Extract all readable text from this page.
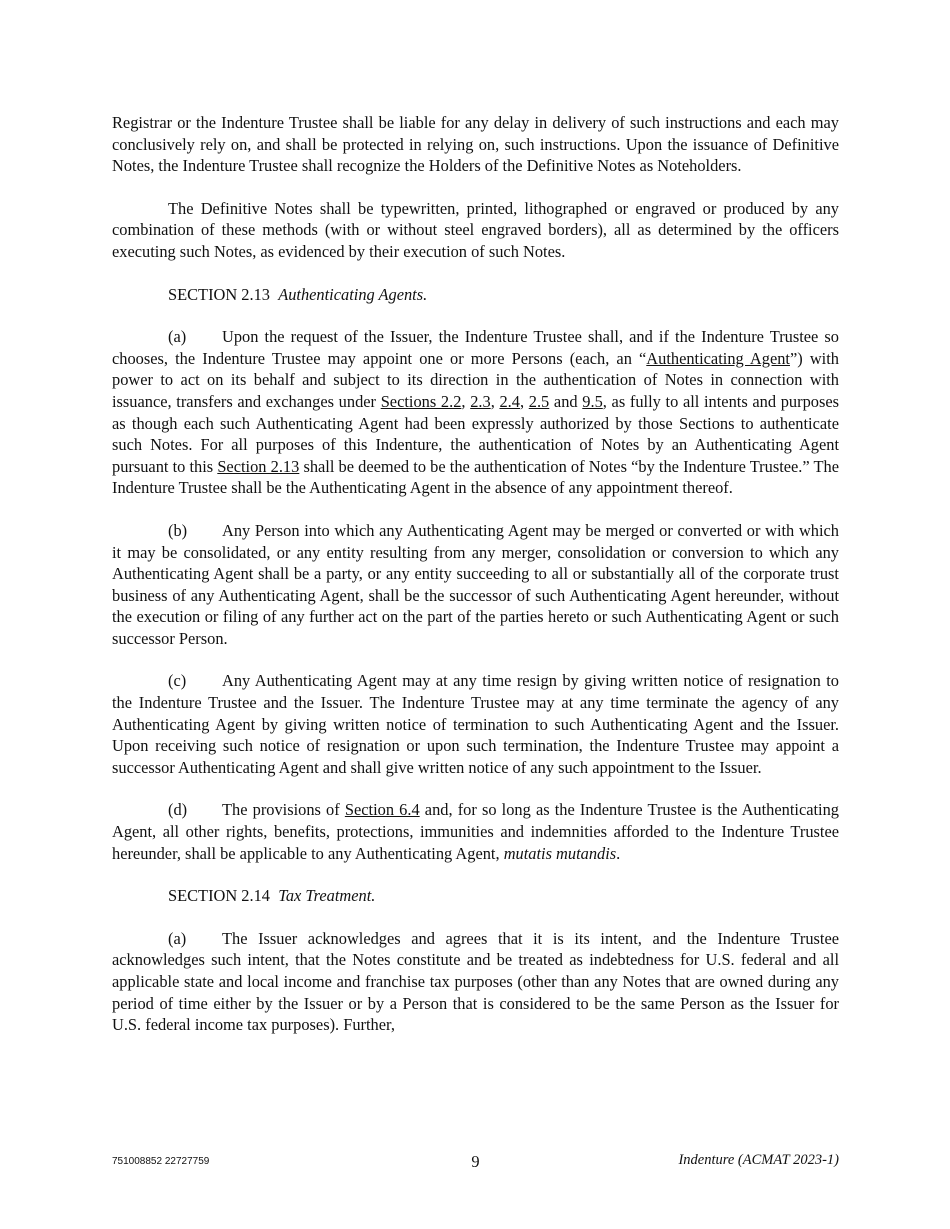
Registrar or the Indenture Trustee shall be liable for any delay in delivery of such instructions and each may conclusively rely on, and shall be protected in relying on, such instructions. Upon the issuance of Definitive Notes, the Indenture Trustee shall recognize the Holders of the Definitive Notes as Noteholders.

The Definitive Notes shall be typewritten, printed, lithographed or engraved or produced by any combination of these methods (with or without steel engraved borders), all as determined by the officers executing such Notes, as evidenced by their execution of such Notes.

SECTION 2.13 Authenticating Agents.

(a) Upon the request of the Issuer, the Indenture Trustee shall, and if the Indenture Trustee so chooses, the Indenture Trustee may appoint one or more Persons (each, an “Authenticating Agent”) with power to act on its behalf and subject to its direction in the authentication of Notes in connection with issuance, transfers and exchanges under Sections 2.2, 2.3, 2.4, 2.5 and 9.5, as fully to all intents and purposes as though each such Authenticating Agent had been expressly authorized by those Sections to authenticate such Notes. For all purposes of this Indenture, the authentication of Notes by an Authenticating Agent pursuant to this Section 2.13 shall be deemed to be the authentication of Notes “by the Indenture Trustee.” The Indenture Trustee shall be the Authenticating Agent in the absence of any appointment thereof.

(b) Any Person into which any Authenticating Agent may be merged or converted or with which it may be consolidated, or any entity resulting from any merger, consolidation or conversion to which any Authenticating Agent shall be a party, or any entity succeeding to all or substantially all of the corporate trust business of any Authenticating Agent, shall be the successor of such Authenticating Agent hereunder, without the execution or filing of any further act on the part of the parties hereto or such Authenticating Agent or such successor Person.

(c) Any Authenticating Agent may at any time resign by giving written notice of resignation to the Indenture Trustee and the Issuer. The Indenture Trustee may at any time terminate the agency of any Authenticating Agent by giving written notice of termination to such Authenticating Agent and the Issuer. Upon receiving such notice of resignation or upon such termination, the Indenture Trustee may appoint a successor Authenticating Agent and shall give written notice of any such appointment to the Issuer.

(d) The provisions of Section 6.4 and, for so long as the Indenture Trustee is the Authenticating Agent, all other rights, benefits, protections, immunities and indemnities afforded to the Indenture Trustee hereunder, shall be applicable to any Authenticating Agent, mutatis mutandis.

SECTION 2.14 Tax Treatment.

(a) The Issuer acknowledges and agrees that it is its intent, and the Indenture Trustee acknowledges such intent, that the Notes constitute and be treated as indebtedness for U.S. federal and all applicable state and local income and franchise tax purposes (other than any Notes that are owned during any period of time either by the Issuer or by a Person that is considered to be the same Person as the Issuer for U.S. federal income tax purposes). Further,

751008852 22727759	9	Indenture (ACMAT 2023-1)
